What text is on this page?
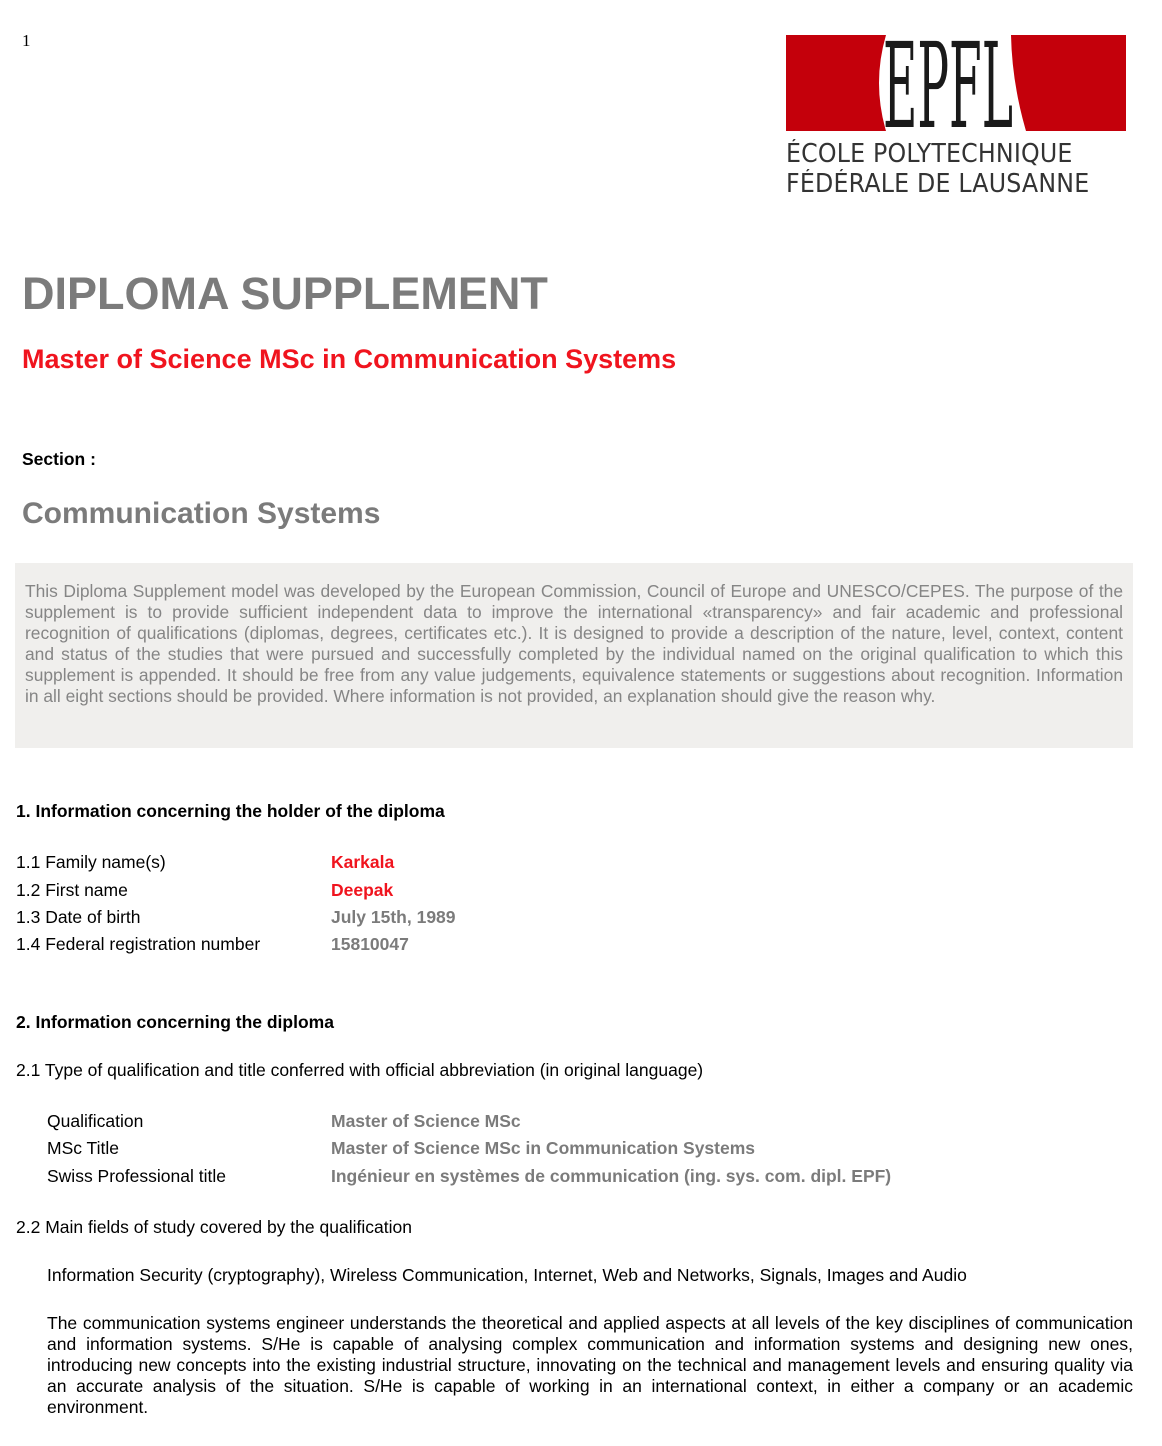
1	EPFL
ÉCOLE POLYTECHNIQUE
FÉDÉRALE DE LAUSANNE
DIPLOMA SUPPLEMENT
Master of Science MSc in Communication Systems
Section :
Communication Systems

This Diploma Supplement model was developed by the European Commission, Council of Europe and UNESCO/CEPES. The purpose of the supplement is to provide sufficient independent data to improve the international «transparency» and fair academic and professional recognition of qualifications (diplomas, degrees, certificates etc.). It is designed to provide a description of the nature, level, context, content and status of the studies that were pursued and successfully completed by the individual named on the original qualification to which this supplement is appended. It should be free from any value judgements, equivalence statements or suggestions about recognition. Information in all eight sections should be provided. Where information is not provided, an explanation should give the reason why.

1. Information concerning the holder of the diploma
1.1 Family name(s)	Karkala
1.2 First name	Deepak
1.3 Date of birth	July 15th, 1989
1.4 Federal registration number	15810047
2. Information concerning the diploma
2.1 Type of qualification and title conferred with official abbreviation (in original language)
Qualification	Master of Science MSc
MSc Title	Master of Science MSc in Communication Systems
Swiss Professional title	Ingénieur en systèmes de communication (ing. sys. com. dipl. EPF)
2.2 Main fields of study covered by the qualification
Information Security (cryptography), Wireless Communication, Internet, Web and Networks, Signals, Images and Audio

The communication systems engineer understands the theoretical and applied aspects at all levels of the key disciplines of communication and information systems. S/He is capable of analysing complex communication and information systems and designing new ones, introducing new concepts into the existing industrial structure, innovating on the technical and management levels and ensuring quality via an accurate analysis of the situation. S/He is capable of working in an international context, in either a company or an academic environment.
